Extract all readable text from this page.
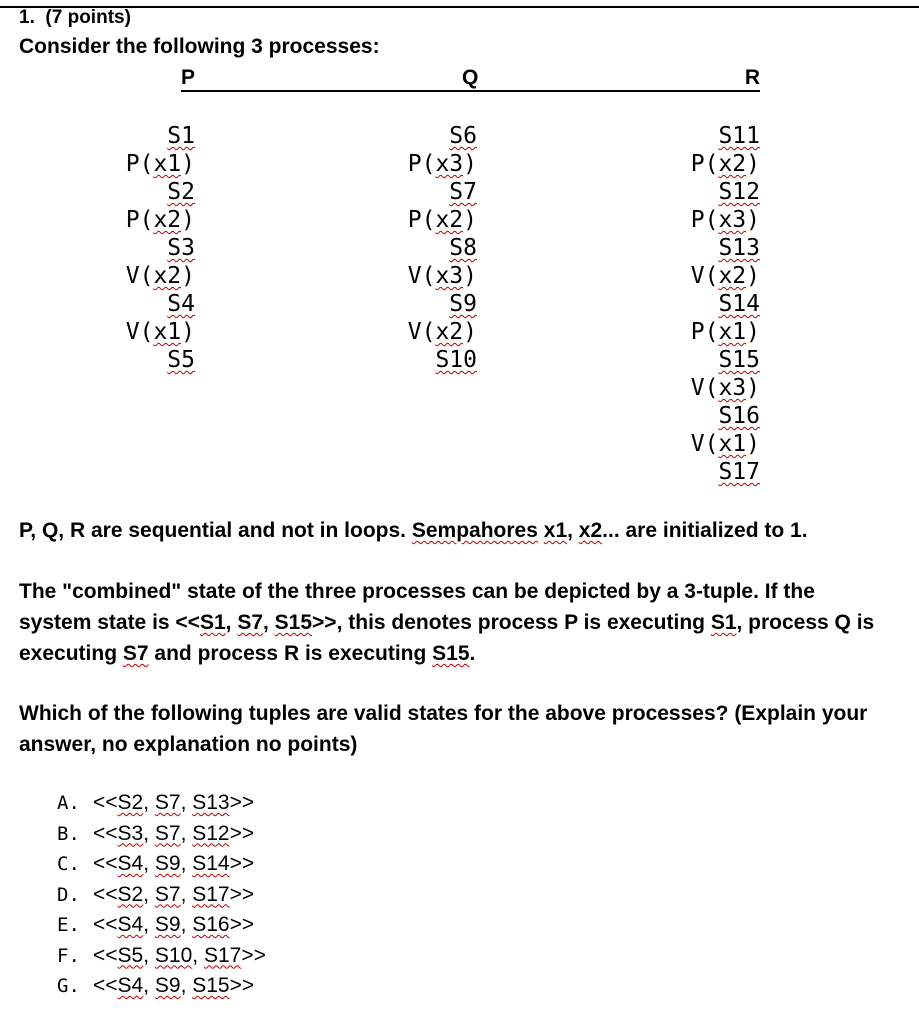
1. (7 points)
Consider the following 3 processes:
P	Q	R
S1
P(x1)
S2
P(x2)
S3
V(x2)
S4
V(x1)
S5
S6
P(x3)
S7
P(x2)
S8
V(x3)
S9
V(x2)
S10
S11
P(x2)
S12
P(x3)
S13
V(x2)
S14
P(x1)
S15
V(x3)
S16
V(x1)
S17
P, Q, R are sequential and not in loops. Sempahores x1, x2... are initialized to 1.
The "combined" state of the three processes can be depicted by a 3-tuple. If the system state is <<S1, S7, S15>>, this denotes process P is executing S1, process Q is executing S7 and process R is executing S15.
Which of the following tuples are valid states for the above processes? (Explain your answer, no explanation no points)
A. <<S2, S7, S13>>
B. <<S3, S7, S12>>
C. <<S4, S9, S14>>
D. <<S2, S7, S17>>
E. <<S4, S9, S16>>
F. <<S5, S10, S17>>
G. <<S4, S9, S15>>
